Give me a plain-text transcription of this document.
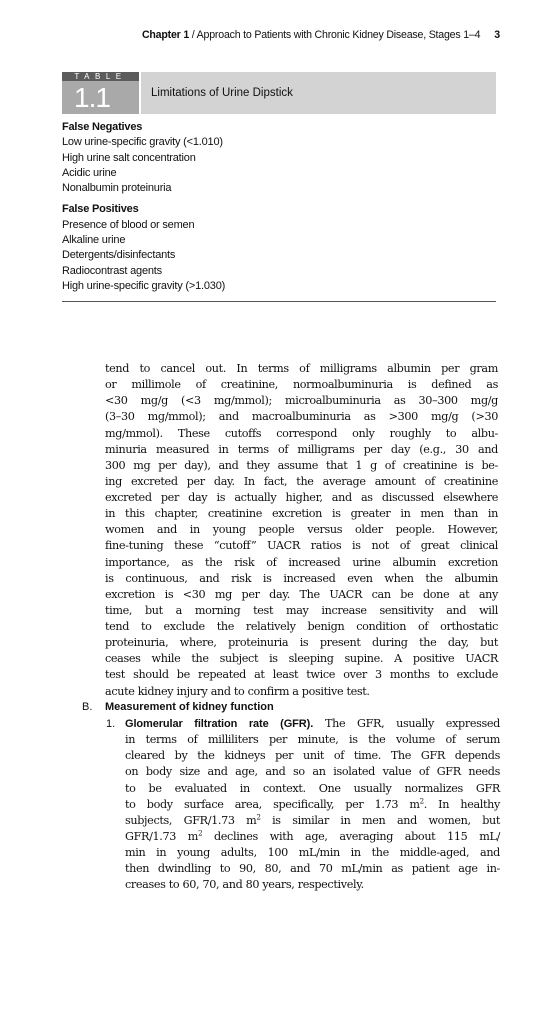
Chapter 1 / Approach to Patients with Chronic Kidney Disease, Stages 1–4 3
TABLE
1.1	Limitations of Urine Dipstick
False Negatives
Low urine-specific gravity (<1.010)
High urine salt concentration
Acidic urine
Nonalbumin proteinuria
False Positives
Presence of blood or semen
Alkaline urine
Detergents/disinfectants
Radiocontrast agents
High urine-specific gravity (>1.030)
tend to cancel out. In terms of milligrams albumin per gram
or millimole of creatinine, normoalbuminuria is defined as
<30 mg/g (<3 mg/mmol); microalbuminuria as 30–300 mg/g
(3–30 mg/mmol); and macroalbuminuria as >300 mg/g (>30
mg/mmol). These cutoffs correspond only roughly to albu-
minuria measured in terms of milligrams per day (e.g., 30 and
300 mg per day), and they assume that 1 g of creatinine is be-
ing excreted per day. In fact, the average amount of creatinine
excreted per day is actually higher, and as discussed elsewhere
in this chapter, creatinine excretion is greater in men than in
women and in young people versus older people. However,
fine-tuning these “cutoff” UACR ratios is not of great clinical
importance, as the risk of increased urine albumin excretion
is continuous, and risk is increased even when the albumin
excretion is <30 mg per day. The UACR can be done at any
time, but a morning test may increase sensitivity and will
tend to exclude the relatively benign condition of orthostatic
proteinuria, where, proteinuria is present during the day, but
ceases while the subject is sleeping supine. A positive UACR
test should be repeated at least twice over 3 months to exclude
acute kidney injury and to confirm a positive test.
B. Measurement of kidney function
1. Glomerular filtration rate (GFR). The GFR, usually expressed
in terms of milliliters per minute, is the volume of serum
cleared by the kidneys per unit of time. The GFR depends
on body size and age, and so an isolated value of GFR needs
to be evaluated in context. One usually normalizes GFR
to body surface area, specifically, per 1.73 $m^2$. In healthy
subjects, GFR/1.73 $m^2$ is similar in men and women, but
GFR/1.73 $m^2$ declines with age, averaging about 115 mL/
min in young adults, 100 mL/min in the middle-aged, and
then dwindling to 90, 80, and 70 mL/min as patient age in-
creases to 60, 70, and 80 years, respectively.
